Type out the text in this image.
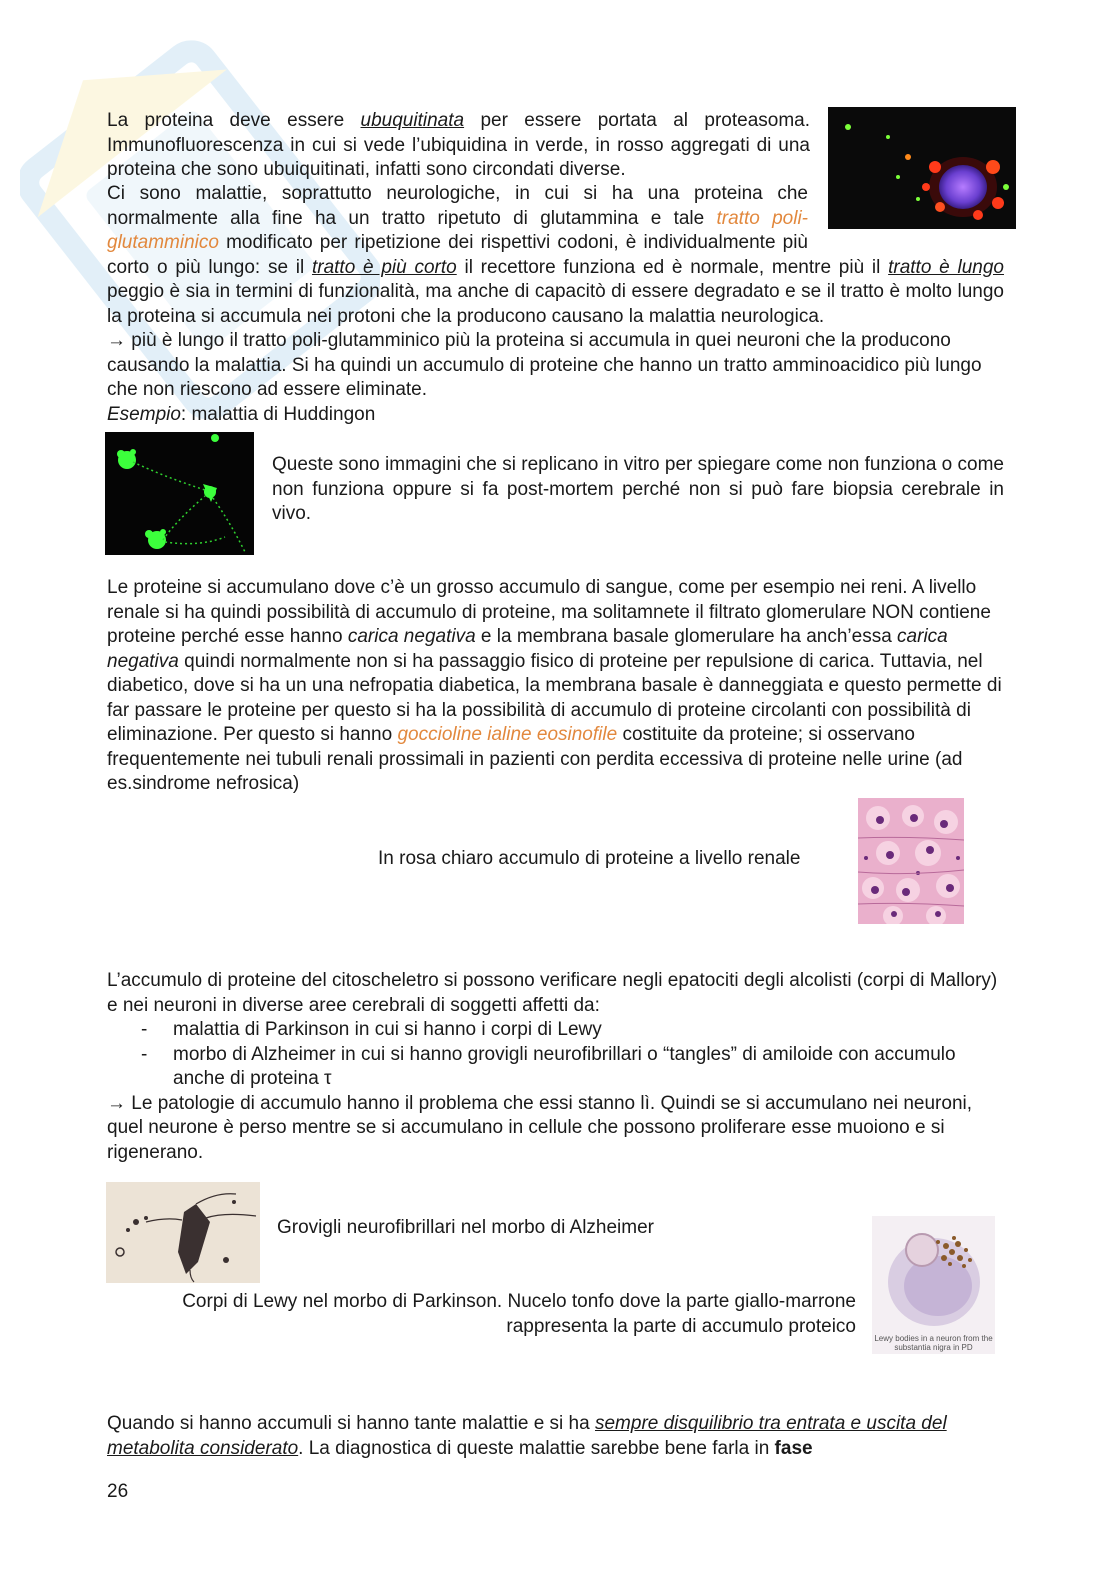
La proteina deve essere ubuquitinata per essere portata al proteasoma. Immunofluorescenza in cui si vede l’ubiquidina in verde, in rosso aggregati di una proteina che sono ubuiquitinati, infatti sono circondati diverse.
Ci sono malattie, soprattutto neurologiche, in cui si ha una proteina che normalmente alla fine ha un tratto ripetuto di glutammina e tale tratto poli-glutamminico modificato per ripetizione dei rispettivi codoni, è individualmente più corto o più lungo: se il tratto è più corto il recettore funziona ed è normale, mentre più il tratto è lungo peggio è sia in termini di funzionalità, ma anche di capacitò di essere degradato e se il tratto è molto lungo la proteina si accumula nei protoni che la producono causano la malattia neurologica.
→ più è lungo il tratto poli-glutamminico più la proteina si accumula in quei neuroni che la producono causando la malattia. Si ha quindi un accumulo di proteine che hanno un tratto amminoacidico più lungo che non riescono ad essere eliminate.
Esempio: malattia di Huddingon
Queste sono immagini che si replicano in vitro per spiegare come non funziona o come non funziona oppure si fa post-mortem perché non si può fare biopsia cerebrale in vivo.
Le proteine si accumulano dove c’è un grosso accumulo di sangue, come per esempio nei reni. A livello renale si ha quindi possibilità di accumulo di proteine, ma solitamnete il filtrato glomerulare NON contiene proteine perché esse hanno carica negativa e la membrana basale glomerulare ha anch’essa carica negativa quindi normalmente non si ha passaggio fisico di proteine per repulsione di carica. Tuttavia, nel diabetico, dove si ha un una nefropatia diabetica, la membrana basale è danneggiata e questo permette di far passare le proteine per questo si ha la possibilità di accumulo di proteine circolanti con possibilità di eliminazione. Per questo si hanno goccioline ialine eosinofile costituite da proteine; si osservano frequentemente nei tubuli renali prossimali in pazienti con perdita eccessiva di proteine nelle urine (ad es.sindrome nefrosica)
In rosa chiaro accumulo di proteine a livello renale
L’accumulo di proteine del citoscheletro si possono verificare negli epatociti degli alcolisti (corpi di Mallory) e nei neuroni in diverse aree cerebrali di soggetti affetti da:
- malattia di Parkinson in cui si hanno i corpi di Lewy
- morbo di Alzheimer in cui si hanno grovigli neurofibrillari o “tangles” di amiloide con accumulo anche di proteina τ
→ Le patologie di accumulo hanno il problema che essi stanno lì. Quindi se si accumulano nei neuroni, quel neurone è perso mentre se si accumulano in cellule che possono proliferare esse muoiono e si rigenerano.
Grovigli neurofibrillari nel morbo di Alzheimer
Corpi di Lewy nel morbo di Parkinson. Nucelo tonfo dove la parte giallo-marrone rappresenta la parte di accumulo proteico
Lewy bodies in a neuron from the substantia nigra in PD
Quando si hanno accumuli si hanno tante malattie e si ha sempre disquilibrio tra entrata e uscita del metabolita considerato. La diagnostica di queste malattie sarebbe bene farla in fase
26
